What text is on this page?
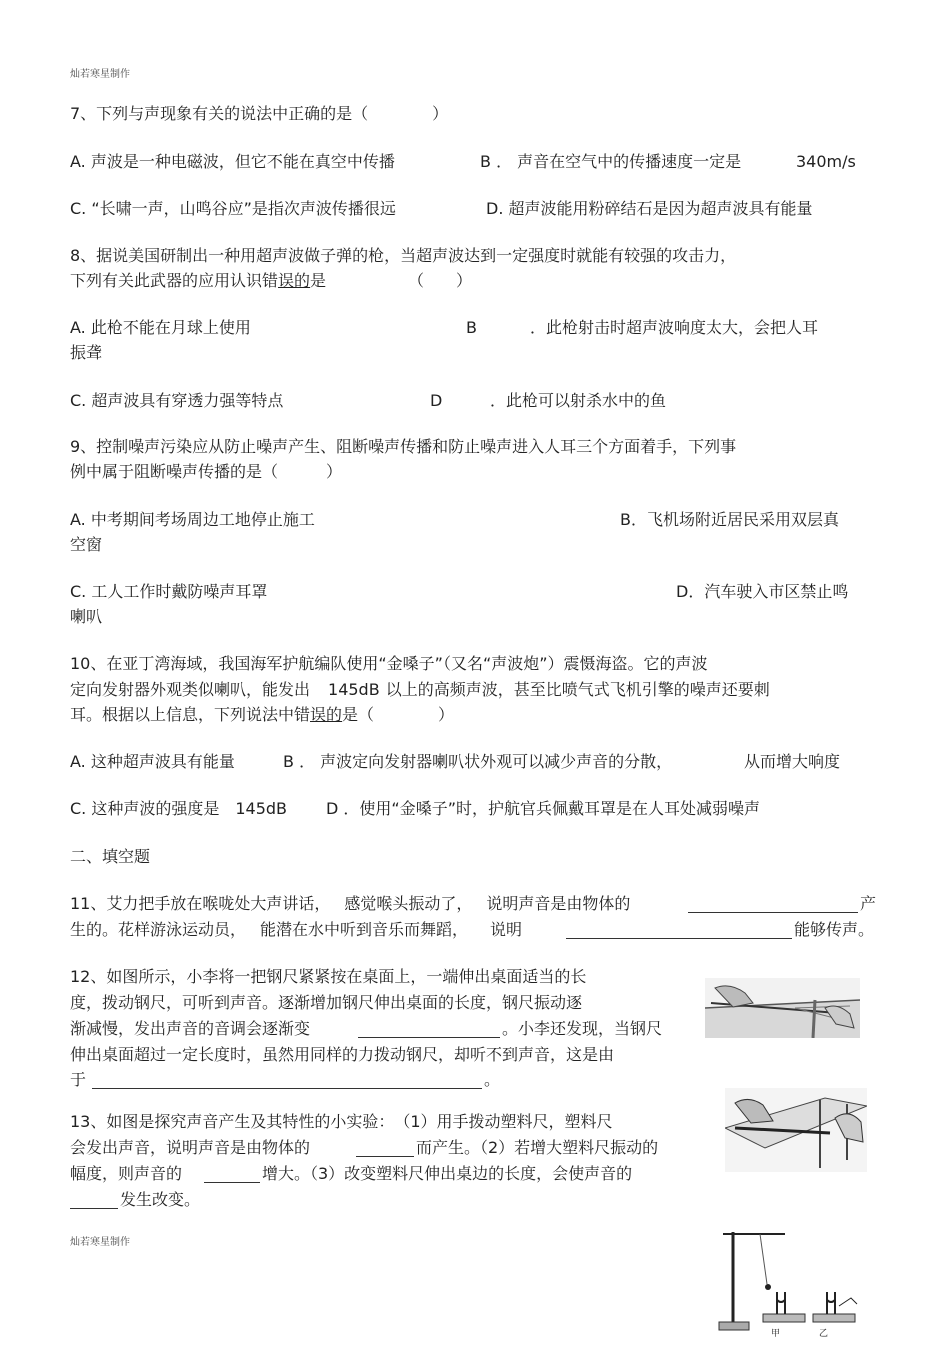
灿若寒星制作
7、下列与声现象有关的说法中正确的是（　　　　）
A. 声波是一种电磁波，但它不能在真空中传播	B ． 声音在空气中的传播速度一定是	340m/s
C. “长啸一声，山鸣谷应”是指次声波传播很远	D. 超声波能用粉碎结石是因为超声波具有能量
8、据说美国研制出一种用超声波做子弹的枪，当超声波达到一定强度时就能有较强的攻击力，
下列有关此武器的应用认识错误的是	（　　）
A. 此枪不能在月球上使用	B	．此枪射击时超声波响度太大，会把人耳
振聋
C. 超声波具有穿透力强等特点	D	．此枪可以射杀水中的鱼
9、控制噪声污染应从防止噪声产生、阻断噪声传播和防止噪声进入人耳三个方面着手，下列事
例中属于阻断噪声传播的是（　　　）
A. 中考期间考场周边工地停止施工	B．飞机场附近居民采用双层真
空窗
C. 工人工作时戴防噪声耳罩	D．汽车驶入市区禁止鸣
喇叭
10、在亚丁湾海域，我国海军护航编队使用“金嗓子”（又名“声波炮”）震慑海盗。它的声波
定向发射器外观类似喇叭，能发出 145dB 以上的高频声波，甚至比喷气式飞机引擎的噪声还要刺
耳。根据以上信息，下列说法中错误的是（　　　　）
A. 这种超声波具有能量	B ． 声波定向发射器喇叭状外观可以减少声音的分散，	从而增大响度
C. 这种声波的强度是 145dB D ．使用“金嗓子”时，护航官兵佩戴耳罩是在人耳处减弱噪声
二、填空题
11、艾力把手放在喉咙处大声讲话， 感觉喉头振动了， 说明声音是由物体的	产
生的。花样游泳运动员， 能潜在水中听到音乐而舞蹈， 说明	能够传声。
12、如图所示，小李将一把钢尺紧紧按在桌面上，一端伸出桌面适当的长
度，拨动钢尺，可听到声音。逐渐增加钢尺伸出桌面的长度，钢尺振动逐
渐减慢，发出声音的音调会逐渐变	。小李还发现，当钢尺
伸出桌面超过一定长度时，虽然用同样的力拨动钢尺，却听不到声音，这是由
于	。
13、如图是探究声音产生及其特性的小实验：　（1）用手拨动塑料尺，塑料尺
会发出声音，说明声音是由物体的	而产生。（2）若增大塑料尺振动的
幅度，则声音的	增大。（3）改变塑料尺伸出桌边的长度，会使声音的
发生改变。
灿若寒星制作
甲	乙
